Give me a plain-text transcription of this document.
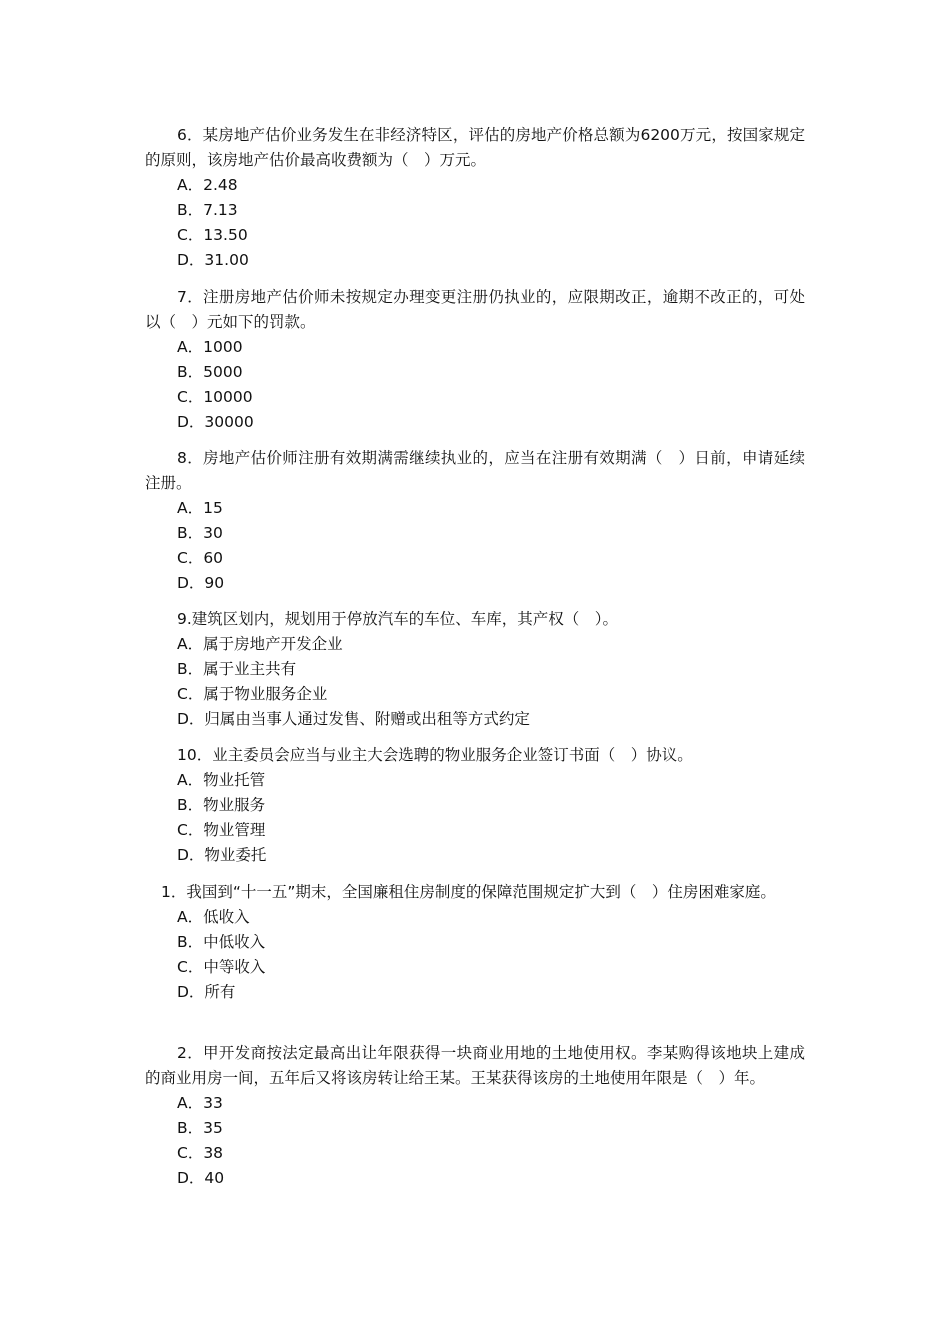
6．某房地产估价业务发生在非经济特区，评估的房地产价格总额为6200万元，按国家规定的原则，该房地产估价最高收费额为（　）万元。

A．2.48

B．7.13

C．13.50

D．31.00

7．注册房地产估价师未按规定办理变更注册仍执业的，应限期改正，逾期不改正的，可处以（　）元如下的罚款。

A．1000

B．5000

C．10000

D．30000

8．房地产估价师注册有效期满需继续执业的，应当在注册有效期满（　）日前，申请延续注册。

A．15

B．30

C．60

D．90

9.建筑区划内，规划用于停放汽车的车位、车库，其产权（　）。

A．属于房地产开发企业

B．属于业主共有

C．属于物业服务企业

D．归属由当事人通过发售、附赠或出租等方式约定

10．业主委员会应当与业主大会选聘的物业服务企业签订书面（　）协议。

A．物业托管

B．物业服务

C．物业管理

D．物业委托

1．我国到“十一五”期末，全国廉租住房制度的保障范围规定扩大到（　）住房困难家庭。

A．低收入

B．中低收入

C．中等收入

D．所有

2．甲开发商按法定最高出让年限获得一块商业用地的土地使用权。李某购得该地块上建成的商业用房一间，五年后又将该房转让给王某。王某获得该房的土地使用年限是（　）年。

A．33

B．35

C．38

D．40
